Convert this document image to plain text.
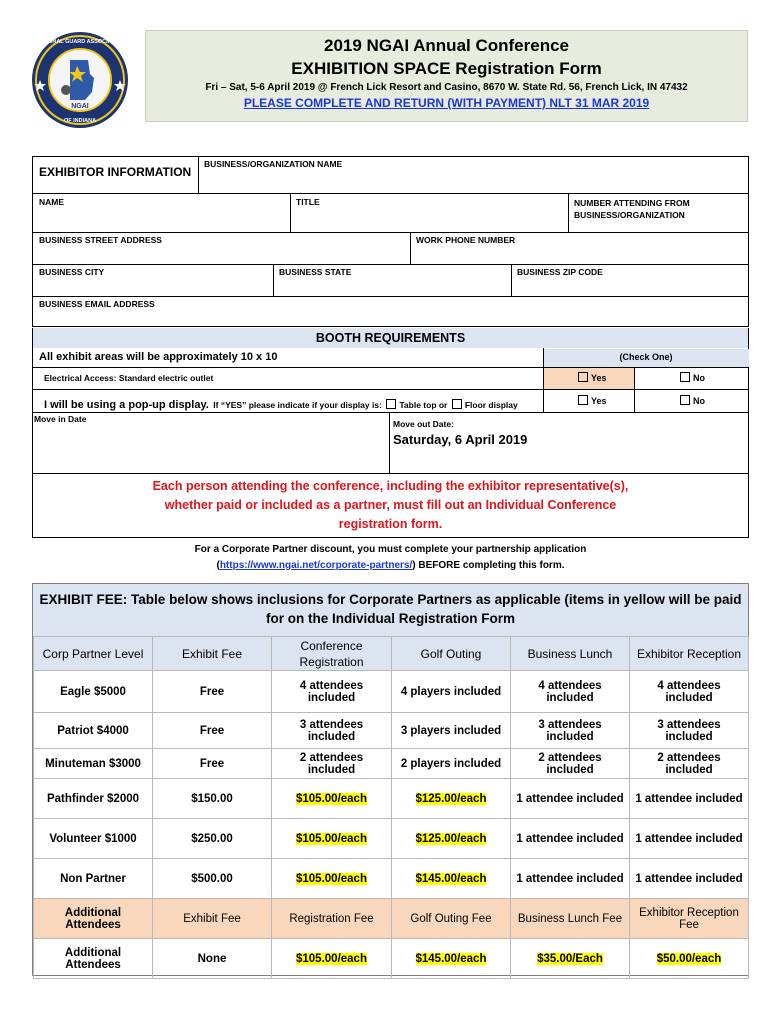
NATIONAL GUARD ASSOCIATION
OF INDIANA
NGAI
2019 NGAI Annual Conference
EXHIBITION SPACE Registration Form
Fri – Sat, 5-6 April 2019 @ French Lick Resort and Casino, 8670 W. State Rd. 56, French Lick, IN 47432
PLEASE COMPLETE AND RETURN (WITH PAYMENT) NLT 31 MAR 2019
EXHIBITOR INFORMATION
BUSINESS/ORGANIZATION NAME
NAME	TITLE	NUMBER ATTENDING FROM BUSINESS/ORGANIZATION
BUSINESS STREET ADDRESS	WORK PHONE NUMBER
BUSINESS CITY	BUSINESS STATE	BUSINESS ZIP CODE
BUSINESS EMAIL ADDRESS
BOOTH REQUIREMENTS
All exhibit areas will be approximately 10 x 10	(Check One)
Electrical Access: Standard electric outlet	Yes	No
I will be using a pop-up display. If “YES” please indicate if your display is: Table top or Floor display	Yes	No
Move in Date	Move out Date:
Saturday, 6 April 2019
Each person attending the conference, including the exhibitor representative(s), whether paid or included as a partner, must fill out an Individual Conference registration form.
For a Corporate Partner discount, you must complete your partnership application
(https://www.ngai.net/corporate-partners/) BEFORE completing this form.
EXHIBIT FEE: Table below shows inclusions for Corporate Partners as applicable (items in yellow will be paid for on the Individual Registration Form
Corp Partner Level	Exhibit Fee	Conference Registration	Golf Outing	Business Lunch	Exhibitor Reception
Eagle $5000	Free	4 attendees included	4 players included	4 attendees included	4 attendees included
Patriot $4000	Free	3 attendees included	3 players included	3 attendees included	3 attendees included
Minuteman $3000	Free	2 attendees included	2 players included	2 attendees included	2 attendees included
Pathfinder $2000	$150.00	$105.00/each	$125.00/each	1 attendee included	1 attendee included
Volunteer $1000	$250.00	$105.00/each	$125.00/each	1 attendee included	1 attendee included
Non Partner	$500.00	$105.00/each	$145.00/each	1 attendee included	1 attendee included
Additional Attendees	Exhibit Fee	Registration Fee	Golf Outing Fee	Business Lunch Fee	Exhibitor Reception Fee
Additional Attendees	None	$105.00/each	$145.00/each	$35.00/Each	$50.00/each
